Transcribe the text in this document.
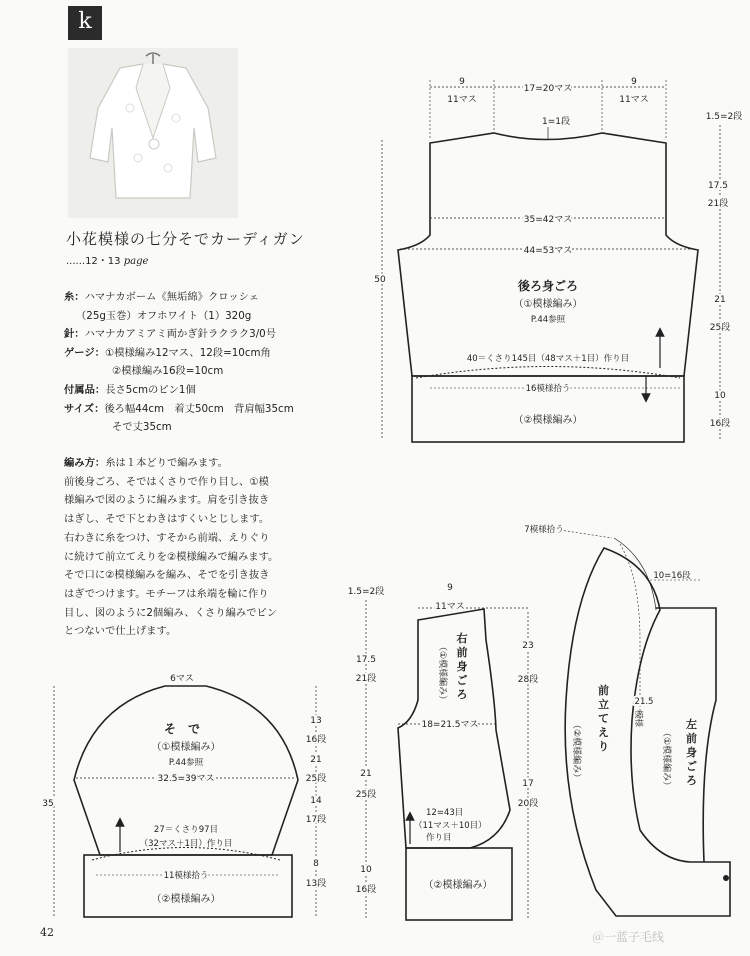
k
小花模様の七分そでカーディガン
......12・13 page
糸：ハマナカボーム《無垢綿》クロッシェ
（25g玉巻）オフホワイト（1）320g
針：ハマナカアミアミ両かぎ針ラクラク3/0号
ゲージ：①模様編み12マス、12段=10cm角
②模様編み16段=10cm
付属品：長さ5cmのピン1個
サイズ：後ろ幅44cm　着丈50cm　背肩幅35cm
そで丈35cm
編み方：糸は１本どりで編みます。
前後身ごろ、そではくさりで作り目し、①模
様編みで図のように編みます。肩を引き抜き
はぎし、そで下とわきはすくいとじします。
右わきに糸をつけ、すそから前端、えりぐり
に続けて前立てえりを②模様編みで編みます。
そで口に②模様編みを編み、そでを引き抜き
はぎでつけます。モチーフは糸端を輪に作り
目し、図のように2個編み、くさり編みでピン
とつないで仕上げます。
9
11マス
17=20マス
9
11マス
1=1段	1.5=2段
17.5
21段
21
25段
10
16段
50
35=42マス
44=53マス
後ろ身ごろ
（①模様編み）
P.44参照
40＝くさり145目（48マス＋1目）作り目
16模様拾う
（②模様編み）
9
11マス
1.5=2段
17.5
21段
21
25段
10
16段
右
前
身
ご
ろ
（①模様編み）	23
28段
17
20段
18=21.5マス
12=43目
（11マス＋10目）
作り目
（②模様編み）
7模様拾う
10=16段
前
立
て
え
り
（②模様編み）
21.5
模様	左
前
身
ご
ろ
（①模様編み）
6マス
そ　で
（①模様編み）
P.44参照
32.5=39マス
13
16段
14
17段
8
13段
21
25段
35
27＝くさり97目
（32マス＋1目）作り目
11模様拾う
（②模様編み）
42	＠一蓝子毛线
